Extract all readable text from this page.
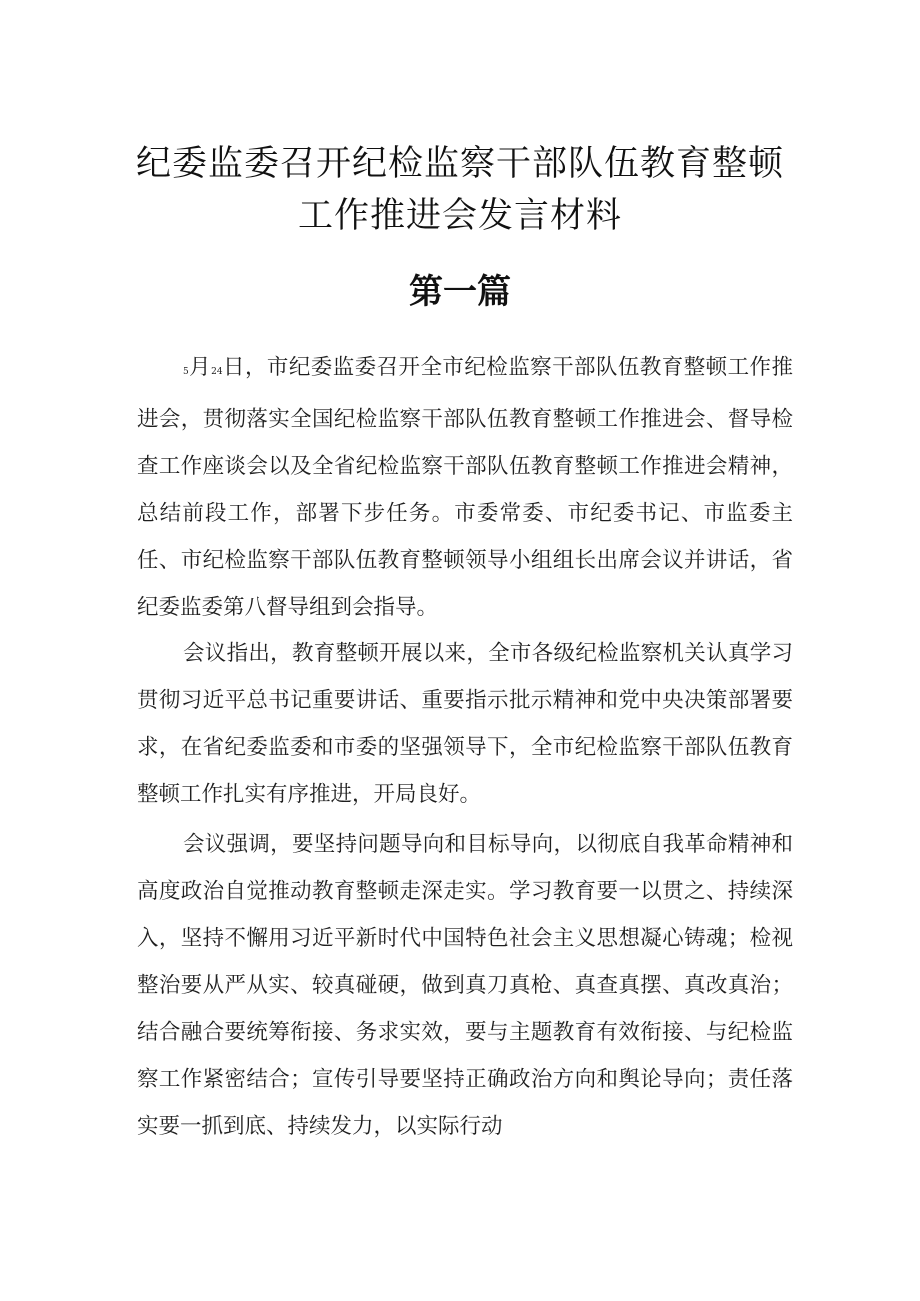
纪委监委召开纪检监察干部队伍教育整顿
工作推进会发言材料
第一篇

5月24日，市纪委监委召开全市纪检监察干部队伍教育整顿工作推进会，贯彻落实全国纪检监察干部队伍教育整顿工作推进会、督导检查工作座谈会以及全省纪检监察干部队伍教育整顿工作推进会精神，总结前段工作，部署下步任务。市委常委、市纪委书记、市监委主任、市纪检监察干部队伍教育整顿领导小组组长出席会议并讲话，省纪委监委第八督导组到会指导。

会议指出，教育整顿开展以来，全市各级纪检监察机关认真学习贯彻习近平总书记重要讲话、重要指示批示精神和党中央决策部署要求，在省纪委监委和市委的坚强领导下，全市纪检监察干部队伍教育整顿工作扎实有序推进，开局良好。

会议强调，要坚持问题导向和目标导向，以彻底自我革命精神和高度政治自觉推动教育整顿走深走实。学习教育要一以贯之、持续深入，坚持不懈用习近平新时代中国特色社会主义思想凝心铸魂；检视整治要从严从实、较真碰硬，做到真刀真枪、真查真摆、真改真治；结合融合要统筹衔接、务求实效，要与主题教育有效衔接、与纪检监察工作紧密结合；宣传引导要坚持正确政治方向和舆论导向；责任落实要一抓到底、持续发力，以实际行动
